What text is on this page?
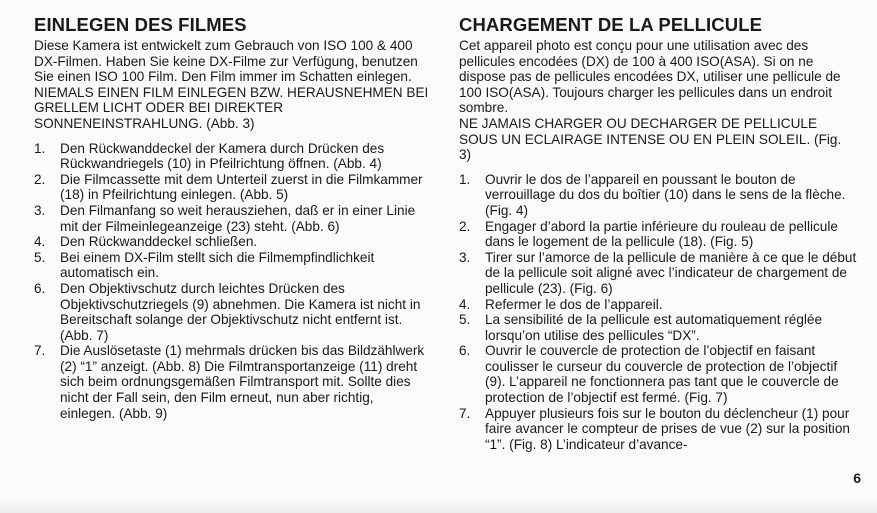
EINLEGEN DES FILMES

Diese Kamera ist entwickelt zum Gebrauch von ISO 100 & 400 DX-Filmen. Haben Sie keine DX-Filme zur Verfügung, benutzen Sie einen ISO 100 Film. Den Film immer im Schatten einlegen.

NIEMALS EINEN FILM EINLEGEN BZW. HERAUSNEHMEN BEI GRELLEM LICHT ODER BEI DIREKTER SONNENEINSTRAHLUNG. (Abb. 3)

1. Den Rückwanddeckel der Kamera durch Drücken des Rückwandriegels (10) in Pfeilrichtung öffnen. (Abb. 4)
2. Die Filmcassette mit dem Unterteil zuerst in die Filmkammer (18) in Pfeilrichtung einlegen. (Abb. 5)
3. Den Filmanfang so weit herausziehen, daß er in einer Linie mit der Filmeinlegeanzeige (23) steht. (Abb. 6)
4. Den Rückwanddeckel schließen.
5. Bei einem DX-Film stellt sich die Filmempfindlichkeit automatisch ein.
6. Den Objektivschutz durch leichtes Drücken des Objektivschutzriegels (9) abnehmen. Die Kamera ist nicht in Bereitschaft solange der Objektivschutz nicht entfernt ist. (Abb. 7)
7. Die Auslösetaste (1) mehrmals drücken bis das Bildzählwerk (2) “1” anzeigt. (Abb. 8) Die Filmtransportanzeige (11) dreht sich beim ordnungsgemäßen Filmtransport mit. Sollte dies nicht der Fall sein, den Film erneut, nun aber richtig, einlegen. (Abb. 9)
CHARGEMENT DE LA PELLICULE

Cet appareil photo est conçu pour une utilisation avec des pellicules encodées (DX) de 100 à 400 ISO(ASA). Si on ne dispose pas de pellicules encodées DX, utiliser une pellicule de 100 ISO(ASA). Toujours charger les pellicules dans un endroit sombre.

NE JAMAIS CHARGER OU DECHARGER DE PELLICULE SOUS UN ECLAIRAGE INTENSE OU EN PLEIN SOLEIL. (Fig. 3)

1. Ouvrir le dos de l’appareil en poussant le bouton de verrouillage du dos du boîtier (10) dans le sens de la flèche. (Fig. 4)
2. Engager d’abord la partie inférieure du rouleau de pellicule dans le logement de la pellicule (18). (Fig. 5)
3. Tirer sur l’amorce de la pellicule de manière à ce que le début de la pellicule soit aligné avec l’indicateur de chargement de pellicule (23). (Fig. 6)
4. Refermer le dos de l’appareil.
5. La sensibilité de la pellicule est automatiquement réglée lorsqu’on utilise des pellicules “DX”.
6. Ouvrir le couvercle de protection de l’objectif en faisant coulisser le curseur du couvercle de protection de l’objectif (9). L’appareil ne fonctionnera pas tant que le couvercle de protection de l’objectif est fermé. (Fig. 7)
7. Appuyer plusieurs fois sur le bouton du déclencheur (1) pour faire avancer le compteur de prises de vue (2) sur la position “1”. (Fig. 8) L’indicateur d’avance-
6
